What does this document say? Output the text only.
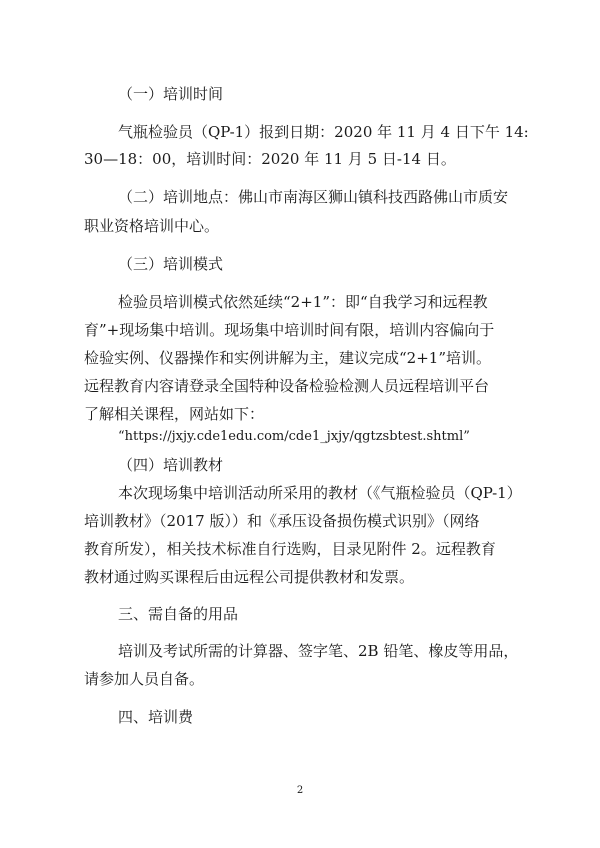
（一）培训时间
气瓶检验员（QP-1）报到日期：2020 年 11 月 4 日下午 14:
30—18：00，培训时间：2020 年 11 月 5 日-14 日。
（二）培训地点：佛山市南海区狮山镇科技西路佛山市质安
职业资格培训中心。
（三）培训模式
检验员培训模式依然延续“2+1”：即“自我学习和远程教
育”+现场集中培训。现场集中培训时间有限，培训内容偏向于
检验实例、仪器操作和实例讲解为主，建议完成“2+1”培训。
远程教育内容请登录全国特种设备检验检测人员远程培训平台
了解相关课程，网站如下：
“https://jxjy.cde1edu.com/cde1_jxjy/qgtzsbtest.shtml”
（四）培训教材
本次现场集中培训活动所采用的教材（《气瓶检验员（QP-1）
培训教材》（2017 版））和《承压设备损伤模式识别》（网络
教育所发），相关技术标准自行选购，目录见附件 2。远程教育
教材通过购买课程后由远程公司提供教材和发票。
三、需自备的用品
培训及考试所需的计算器、签字笔、2B 铅笔、橡皮等用品，
请参加人员自备。
四、培训费
2
